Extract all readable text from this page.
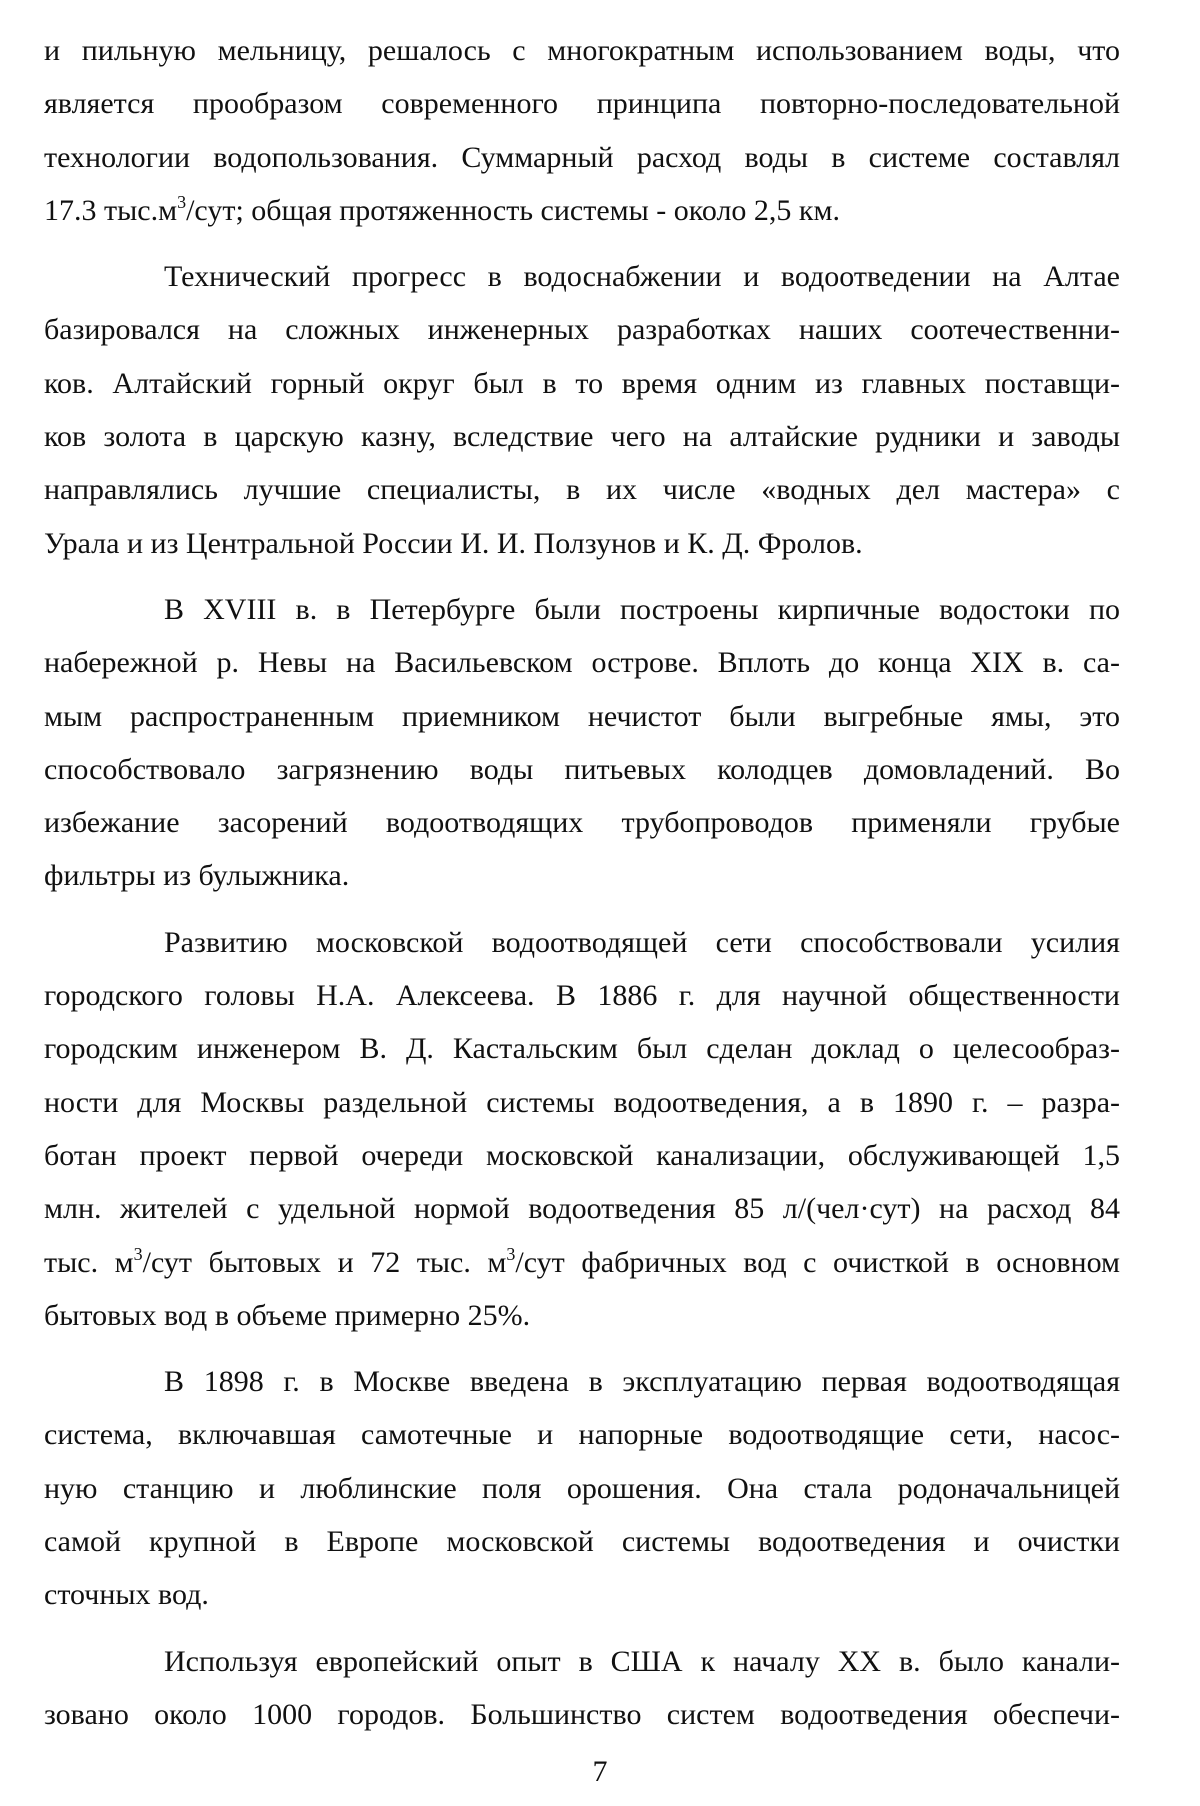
и пильную мельницу, решалось с многократным использованием воды, что
является прообразом современного принципа повторно-последовательной
технологии водопользования. Суммарный расход воды в системе составлял
17.3 $тыс.м^3$/сут; общая протяженность системы - около 2,5 км.
Технический прогресс в водоснабжении и водоотведении на Алтае
базировался на сложных инженерных разработках наших соотечественни-
ков. Алтайский горный округ был в то время одним из главных поставщи-
ков золота в царскую казну, вследствие чего на алтайские рудники и заводы
направлялись лучшие специалисты, в их числе «водных дел мастера» с
Урала и из Центральной России И. И. Ползунов и К. Д. Фролов.
В XVIII в. в Петербурге были построены кирпичные водостоки по
набережной р. Невы на Васильевском острове. Вплоть до конца XIX в. са-
мым распространенным приемником нечистот были выгребные ямы, это
способствовало загрязнению воды питьевых колодцев домовладений. Во
избежание засорений водоотводящих трубопроводов применяли грубые
фильтры из булыжника.
Развитию московской водоотводящей сети способствовали усилия
городского головы Н.А. Алексеева. В 1886 г. для научной общественности
городским инженером В. Д. Кастальским был сделан доклад о целесообраз-
ности для Москвы раздельной системы водоотведения, а в 1890 г. – разра-
ботан проект первой очереди московской канализации, обслуживающей 1,5
млн. жителей с удельной нормой водоотведения 85 л/(чел·сут) на расход 84
тыс. $м^3$/сут бытовых и 72 тыс. $м^3$/сут фабричных вод с очисткой в основном
бытовых вод в объеме примерно 25%.
В 1898 г. в Москве введена в эксплуатацию первая водоотводящая
система, включавшая самотечные и напорные водоотводящие сети, насос-
ную станцию и люблинские поля орошения. Она стала родоначальницей
самой крупной в Европе московской системы водоотведения и очистки
сточных вод.
Используя европейский опыт в США к началу XX в. было канали-
зовано около 1000 городов. Большинство систем водоотведения обеспечи-
7
